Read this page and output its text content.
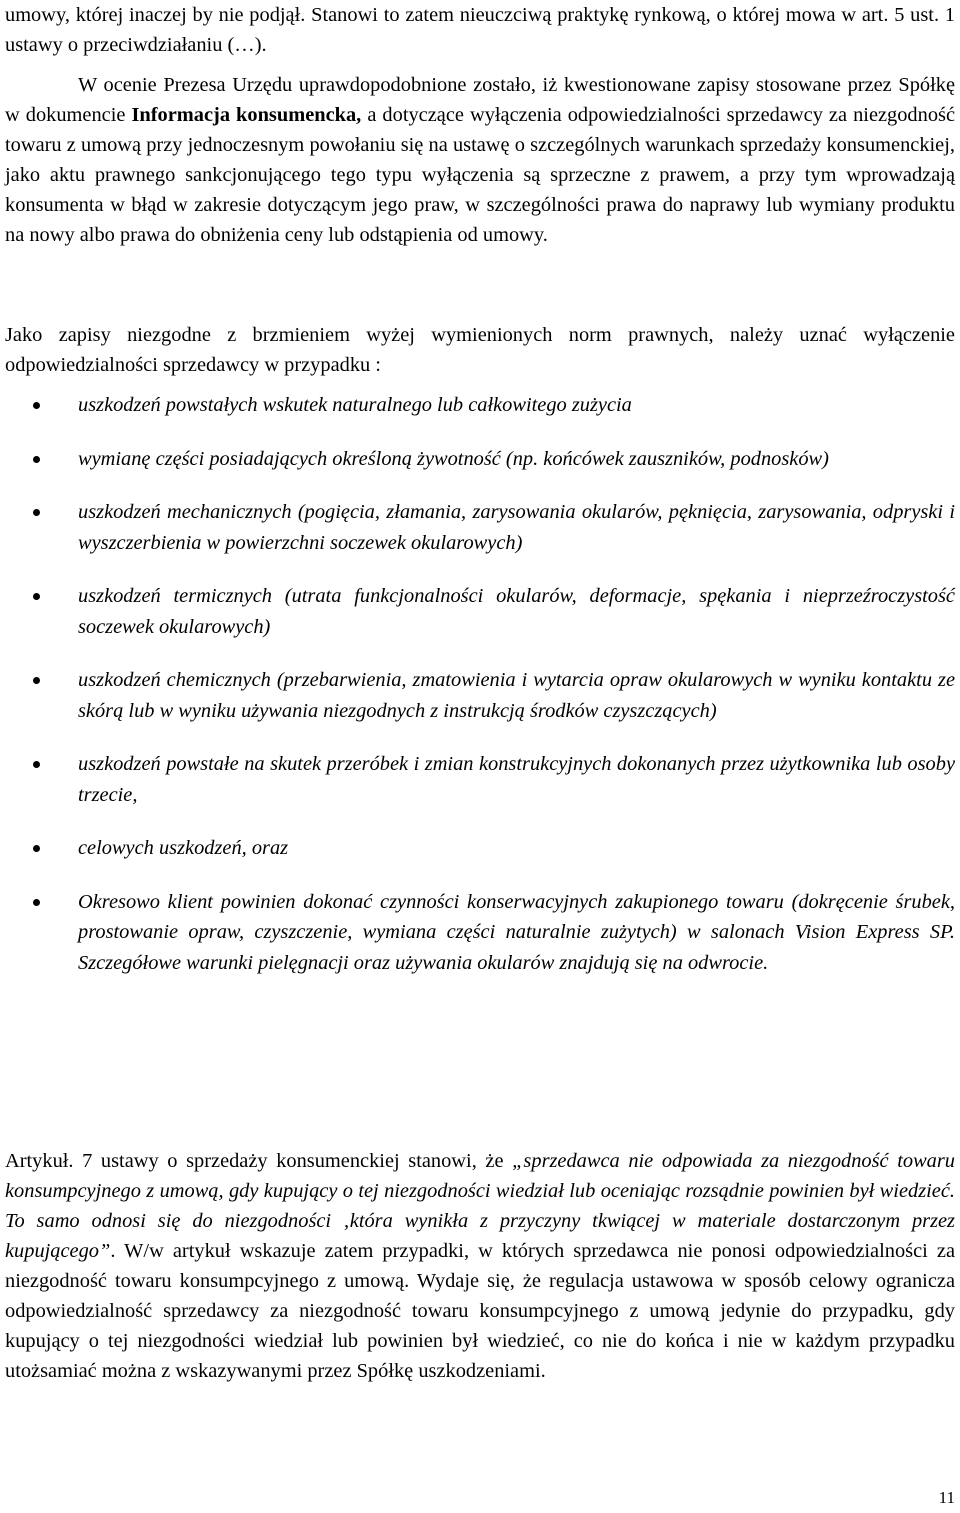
umowy, której inaczej by nie podjął. Stanowi to zatem nieuczciwą praktykę rynkową, o której mowa w art. 5 ust. 1 ustawy o przeciwdziałaniu (…).

W ocenie Prezesa Urzędu uprawdopodobnione zostało, iż kwestionowane zapisy stosowane przez Spółkę w dokumencie Informacja konsumencka, a dotyczące wyłączenia odpowiedzialności sprzedawcy za niezgodność towaru z umową przy jednoczesnym powołaniu się na ustawę o szczególnych warunkach sprzedaży konsumenckiej, jako aktu prawnego sankcjonującego tego typu wyłączenia są sprzeczne z prawem, a przy tym wprowadzają konsumenta w błąd w zakresie dotyczącym jego praw, w szczególności prawa do naprawy lub wymiany produktu na nowy albo prawa do obniżenia ceny lub odstąpienia od umowy.

Jako zapisy niezgodne z brzmieniem wyżej wymienionych norm prawnych, należy uznać wyłączenie odpowiedzialności sprzedawcy w przypadku :

uszkodzeń powstałych wskutek naturalnego lub całkowitego zużycia
wymianę części posiadających określoną żywotność (np. końcówek zauszników, podnosków)
uszkodzeń mechanicznych (pogięcia, złamania, zarysowania okularów, pęknięcia, zarysowania, odpryski i wyszczerbienia w powierzchni soczewek okularowych)
uszkodzeń termicznych (utrata funkcjonalności okularów, deformacje, spękania i nieprzeźroczystość soczewek okularowych)
uszkodzeń chemicznych (przebarwienia, zmatowienia i wytarcia opraw okularowych w wyniku kontaktu ze skórą lub w wyniku używania niezgodnych z instrukcją środków czyszczących)
uszkodzeń powstałe na skutek przeróbek i zmian konstrukcyjnych dokonanych przez użytkownika lub osoby trzecie,
celowych uszkodzeń, oraz
Okresowo klient powinien dokonać czynności konserwacyjnych zakupionego towaru (dokręcenie śrubek, prostowanie opraw, czyszczenie, wymiana części naturalnie zużytych) w salonach Vision Express SP. Szczegółowe warunki pielęgnacji oraz używania okularów znajdują się na odwrocie.

Artykuł. 7 ustawy o sprzedaży konsumenckiej stanowi, że „sprzedawca nie odpowiada za niezgodność towaru konsumpcyjnego z umową, gdy kupujący o tej niezgodności wiedział lub oceniając rozsądnie powinien był wiedzieć. To samo odnosi się do niezgodności ‚która wynikła z przyczyny tkwiącej w materiale dostarczonym przez kupującego”. W/w artykuł wskazuje zatem przypadki, w których sprzedawca nie ponosi odpowiedzialności za niezgodność towaru konsumpcyjnego z umową. Wydaje się, że regulacja ustawowa w sposób celowy ogranicza odpowiedzialność sprzedawcy za niezgodność towaru konsumpcyjnego z umową jedynie do przypadku, gdy kupujący o tej niezgodności wiedział lub powinien był wiedzieć, co nie do końca i nie w każdym przypadku utożsamiać można z wskazywanymi przez Spółkę uszkodzeniami.

11
